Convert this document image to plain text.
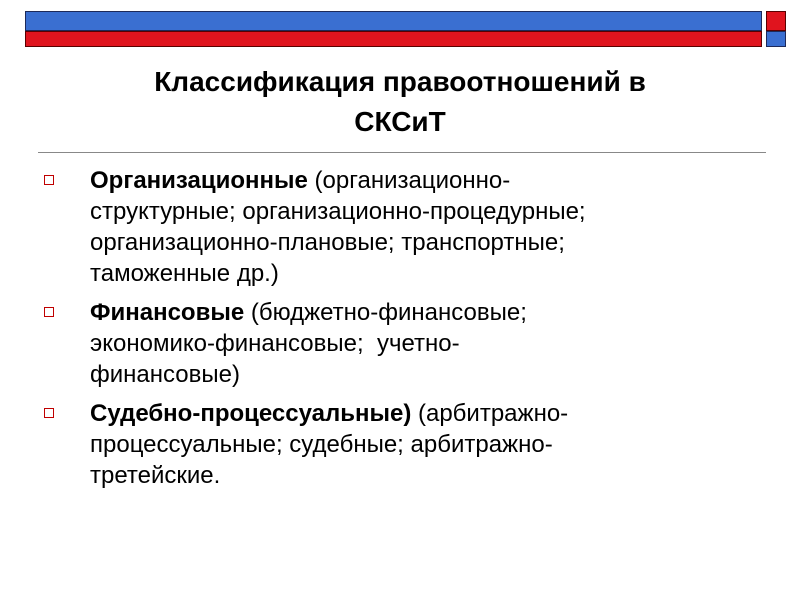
Классификация правоотношений в
СКСиТ
Организационные (организационно-
структурные; организационно-процедурные;
организационно-плановые; транспортные;
таможенные др.)
Финансовые (бюджетно-финансовые;
экономико-финансовые;  учетно-
финансовые)
Судебно-процессуальные) (арбитражно-
процессуальные; судебные; арбитражно-
третейские.
